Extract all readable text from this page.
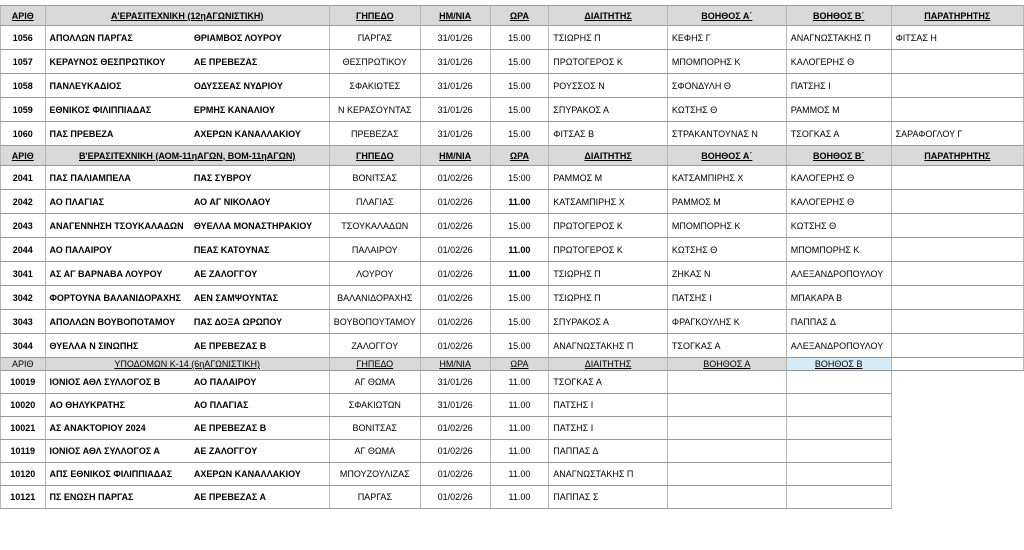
ΑΡΙΘ	Α'ΕΡΑΣΙΤΕΧΝΙΚΗ (12ηΑΓΩΝΙΣΤΙΚΗ)		ΓΗΠΕΔΟ	ΗΜ/ΝΙΑ	ΩΡΑ	ΔΙΑΙΤΗΤΗΣ	ΒΟΗΘΟΣ Α΄	ΒΟΗΘΟΣ Β΄	ΠΑΡΑΤΗΡΗΤΗΣ
1056	ΑΠΟΛΛΩΝ ΠΑΡΓΑΣ	ΘΡΙΑΜΒΟΣ ΛΟΥΡΟΥ	ΠΑΡΓΑΣ	31/01/26	15.00	ΤΣΙΩΡΗΣ Π	ΚΕΦΗΣ Γ	ΑΝΑΓΝΩΣΤΑΚΗΣ Π	ΦΙΤΣΑΣ Η
1057	ΚΕΡΑΥΝΟΣ ΘΕΣΠΡΩΤΙΚΟΥ	ΑΕ ΠΡΕΒΕΖΑΣ	ΘΕΣΠΡΩΤΙΚΟΥ	31/01/26	15.00	ΠΡΩΤΟΓΕΡΟΣ Κ	ΜΠΟΜΠΟΡΗΣ Κ	ΚΑΛΟΓΕΡΗΣ Θ	
1058	ΠΑΝΛΕΥΚΑΔΙΟΣ	ΟΔΥΣΣΕΑΣ ΝΥΔΡΙΟΥ	ΣΦΑΚΙΩΤΕΣ	31/01/26	15.00	ΡΟΥΣΣΟΣ Ν	ΣΦΟΝΔΥΛΗ Θ	ΠΑΤΣΗΣ Ι	
1059	ΕΘΝΙΚΟΣ ΦΙΛΙΠΠΙΑΔΑΣ	ΕΡΜΗΣ ΚΑΝΑΛΙΟΥ	Ν ΚΕΡΑΣΟΥΝΤΑΣ	31/01/26	15.00	ΣΠΥΡΑΚΟΣ Α	ΚΩΤΣΗΣ Θ	ΡΑΜΜΟΣ Μ	
1060	ΠΑΣ ΠΡΕΒΕΖΑ	ΑΧΕΡΩΝ ΚΑΝΑΛΛΑΚΙΟΥ	ΠΡΕΒΕΖΑΣ	31/01/26	15.00	ΦΙΤΣΑΣ Β	ΣΤΡΑΚΑΝΤΟΥΝΑΣ Ν	ΤΣΟΓΚΑΣ Α	ΣΑΡΑΦΟΓΛΟΥ Γ
ΑΡΙΘ	Β'ΕΡΑΣΙΤΕΧΝΙΚΗ (ΑΟΜ-11ηΑΓΩΝ, ΒΟΜ-11ηΑΓΩΝ)		ΓΗΠΕΔΟ	ΗΜ/ΝΙΑ	ΩΡΑ	ΔΙΑΙΤΗΤΗΣ	ΒΟΗΘΟΣ Α΄	ΒΟΗΘΟΣ Β΄	ΠΑΡΑΤΗΡΗΤΗΣ
2041	ΠΑΣ ΠΑΛΙΑΜΠΕΛΑ	ΠΑΣ ΣΥΒΡΟΥ	ΒΟΝΙΤΣΑΣ	01/02/26	15:00	ΡΑΜΜΟΣ Μ	ΚΑΤΣΑΜΠΙΡΗΣ Χ	ΚΑΛΟΓΕΡΗΣ Θ	
2042	ΑΟ ΠΛΑΓΙΑΣ	ΑΟ ΑΓ ΝΙΚΟΛΑΟΥ	ΠΛΑΓΙΑΣ	01/02/26	11.00	ΚΑΤΣΑΜΠΙΡΗΣ Χ	ΡΑΜΜΟΣ Μ	ΚΑΛΟΓΕΡΗΣ Θ	
2043	ΑΝΑΓΕΝΝΗΣΗ ΤΣΟΥΚΑΛΑΔΩΝ	ΘΥΕΛΛΑ ΜΟΝΑΣΤΗΡΑΚΙΟΥ	ΤΣΟΥΚΑΛΑΔΩΝ	01/02/26	15.00	ΠΡΩΤΟΓΕΡΟΣ Κ	ΜΠΟΜΠΟΡΗΣ Κ	ΚΩΤΣΗΣ Θ	
2044	ΑΟ ΠΑΛΑΙΡΟΥ	ΠΕΑΣ ΚΑΤΟΥΝΑΣ	ΠΑΛΑΙΡΟΥ	01/02/26	11.00	ΠΡΩΤΟΓΕΡΟΣ Κ	ΚΩΤΣΗΣ Θ	ΜΠΟΜΠΟΡΗΣ Κ	
3041	ΑΣ ΑΓ ΒΑΡΝΑΒΑ ΛΟΥΡΟΥ	ΑΕ ΖΑΛΟΓΓΟΥ	ΛΟΥΡΟΥ	01/02/26	11.00	ΤΣΙΩΡΗΣ Π	ΖΗΚΑΣ Ν	ΑΛΕΞΑΝΔΡΟΠΟΥΛΟΥ	
3042	ΦΟΡΤΟΥΝΑ ΒΑΛΑΝΙΔΟΡΑΧΗΣ	ΑΕΝ ΣΑΜΨΟΥΝΤΑΣ	ΒΑΛΑΝΙΔΟΡΑΧΗΣ	01/02/26	15.00	ΤΣΙΩΡΗΣ Π	ΠΑΤΣΗΣ Ι	ΜΠΑΚΑΡΑ Β	
3043	ΑΠΟΛΛΩΝ ΒΟΥΒΟΠΟΤΑΜΟΥ	ΠΑΣ ΔΟΞΑ ΩΡΩΠΟΥ	ΒΟΥΒΟΠΟΥΤΑΜΟΥ	01/02/26	15.00	ΣΠΥΡΑΚΟΣ Α	ΦΡΑΓΚΟΥΛΗΣ Κ	ΠΑΠΠΑΣ Δ	
3044	ΘΥΕΛΛΑ Ν ΣΙΝΩΠΗΣ	ΑΕ ΠΡΕΒΕΖΑΣ Β	ΖΑΛΟΓΓΟΥ	01/02/26	15.00	ΑΝΑΓΝΩΣΤΑΚΗΣ Π	ΤΣΟΓΚΑΣ Α	ΑΛΕΞΑΝΔΡΟΠΟΥΛΟΥ	
ΑΡΙΘ	ΥΠΟΔΟΜΩΝ Κ-14 (6ηΑΓΩΝΙΣΤΙΚΗ)		ΓΗΠΕΔΟ	ΗΜ/ΝΙΑ	ΩΡΑ	ΔΙΑΙΤΗΤΗΣ	ΒΟΗΘΟΣ Α	ΒΟΗΘΟΣ Β	
10019	ΙΟΝΙΟΣ ΑΘΛ ΣΥΛΛΟΓΟΣ Β	ΑΟ ΠΑΛΑΙΡΟΥ	ΑΓ ΘΩΜΑ	31/01/26	11.00	ΤΣΟΓΚΑΣ Α			
10020	ΑΟ ΘΗΛΥΚΡΑΤΗΣ	ΑΟ ΠΛΑΓΙΑΣ	ΣΦΑΚΙΩΤΩΝ	31/01/26	11.00	ΠΑΤΣΗΣ Ι			
10021	ΑΣ ΑΝΑΚΤΟΡΙΟΥ 2024	ΑΕ ΠΡΕΒΕΖΑΣ Β	ΒΟΝΙΤΣΑΣ	01/02/26	11.00	ΠΑΤΣΗΣ Ι			
10119	ΙΟΝΙΟΣ ΑΘΛ ΣΥΛΛΟΓΟΣ Α	ΑΕ ΖΑΛΟΓΓΟΥ	ΑΓ ΘΩΜΑ	01/02/26	11.00	ΠΑΠΠΑΣ Δ			
10120	ΑΠΣ ΕΘΝΙΚΟΣ ΦΙΛΙΠΠΙΑΔΑΣ	ΑΧΕΡΩΝ ΚΑΝΑΛΛΑΚΙΟΥ	ΜΠΟΥΖΟΥΛΙΖΑΣ	01/02/26	11.00	ΑΝΑΓΝΩΣΤΑΚΗΣ Π			
10121	ΠΣ ΕΝΩΣΗ ΠΑΡΓΑΣ	ΑΕ ΠΡΕΒΕΖΑΣ Α	ΠΑΡΓΑΣ	01/02/26	11.00	ΠΑΠΠΑΣ Σ			
